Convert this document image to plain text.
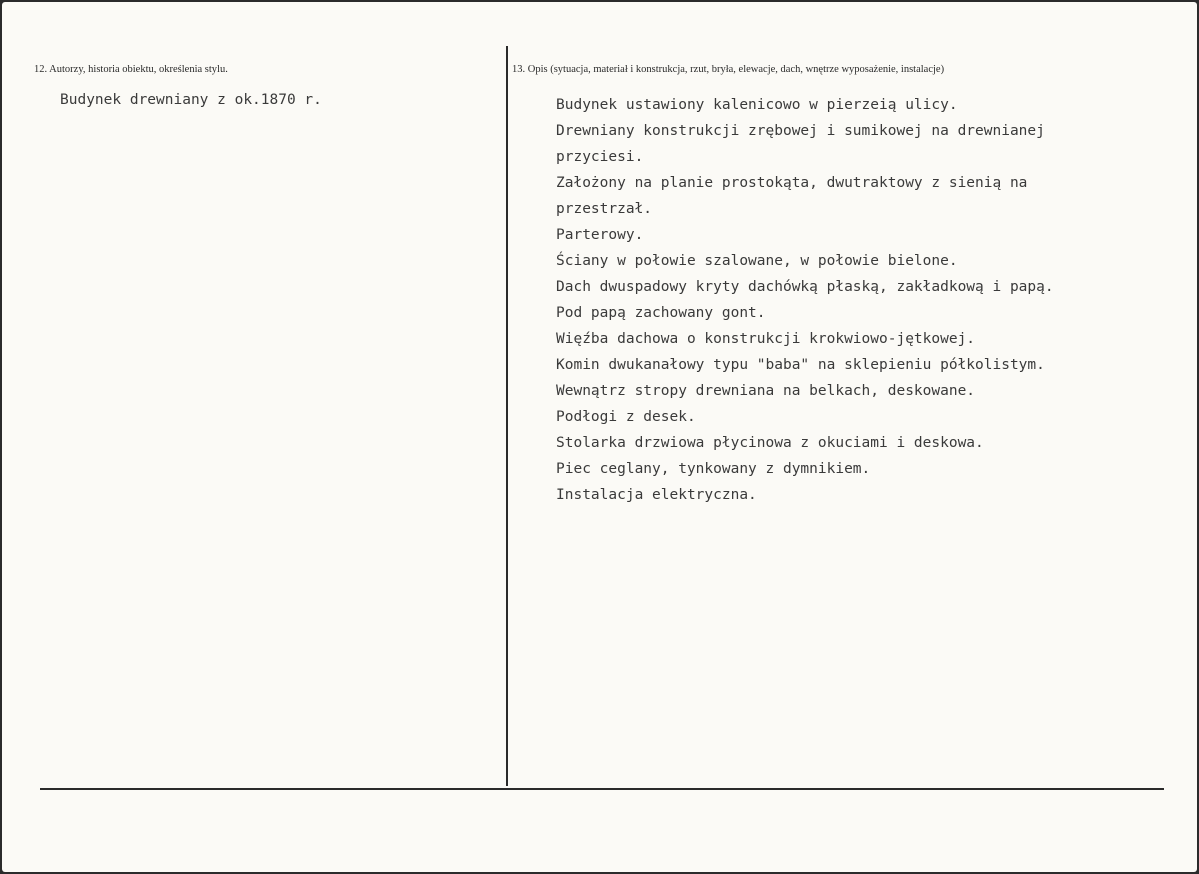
12. Autorzy, historia obiektu, określenia stylu.
Budynek drewniany z ok.1870 r.
13. Opis (sytuacja, materiał i konstrukcja, rzut, bryła, elewacje, dach, wnętrze wyposażenie, instalacje)
Budynek ustawiony kalenicowo w pierzeią ulicy.
Drewniany konstrukcji zrębowej i sumikowej na drewnianej
przyciesi.
Założony na planie prostokąta, dwutraktowy z sienią na
przestrzał.
Parterowy.
Ściany w połowie szalowane, w połowie bielone.
Dach dwuspadowy kryty dachówką płaską, zakładkową i papą.
Pod papą zachowany gont.
Więźba dachowa o konstrukcji krokwiowo-jętkowej.
Komin dwukanałowy typu "baba" na sklepieniu półkolistym.
Wewnątrz stropy drewniana na belkach, deskowane.
Podłogi z desek.
Stolarka drzwiowa płycinowa z okuciami i deskowa.
Piec ceglany, tynkowany z dymnikiem.
Instalacja elektryczna.
